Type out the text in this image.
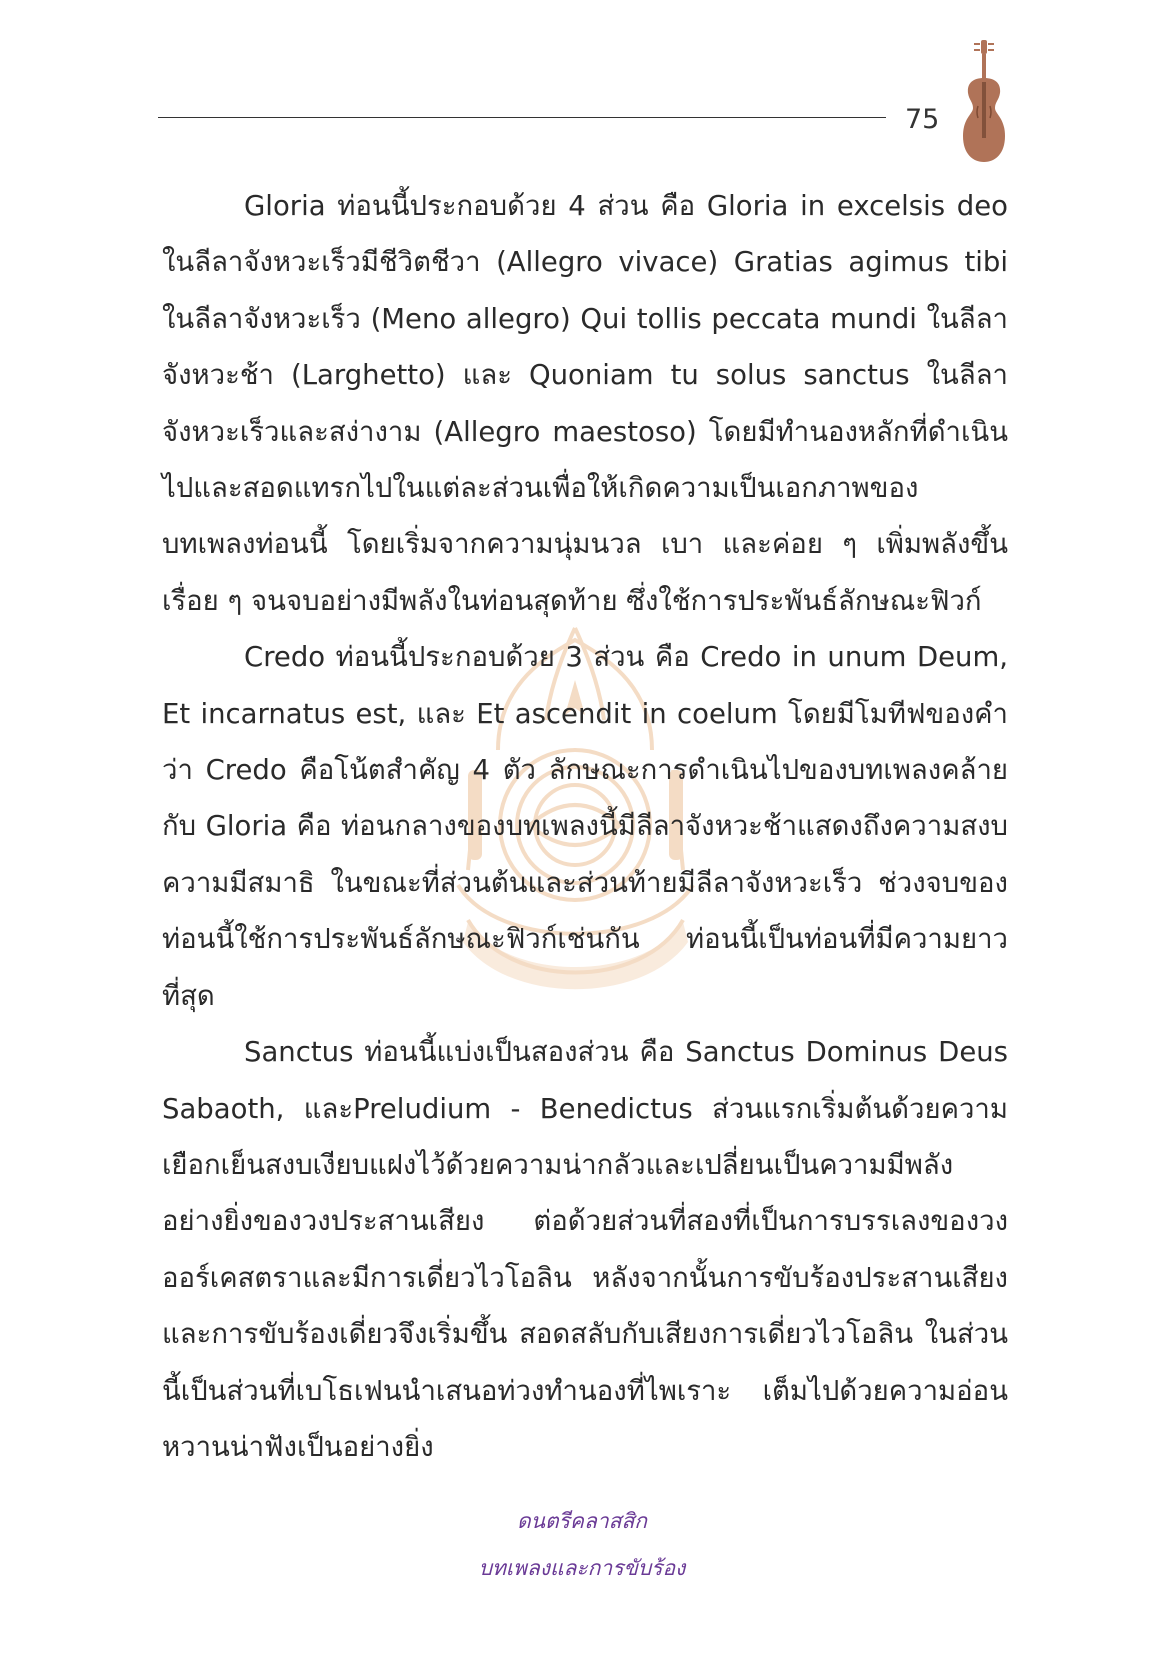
75

Gloria ท่อนนี้ประกอบด้วย 4 ส่วน คือ Gloria in excelsis deo ในลีลาจังหวะเร็วมีชีวิตชีวา (Allegro vivace) Gratias agimus tibi ในลีลาจังหวะเร็ว (Meno allegro) Qui tollis peccata mundi ในลีลาจังหวะช้า (Larghetto) และ Quoniam tu solus sanctus ในลีลาจังหวะเร็วและสง่างาม (Allegro maestoso) โดยมีทำนองหลักที่ดำเนินไปและสอดแทรกไปในแต่ละส่วนเพื่อให้เกิดความเป็นเอกภาพของบทเพลงท่อนนี้ โดยเริ่มจากความนุ่มนวล เบา และค่อย ๆ เพิ่มพลังขึ้นเรื่อย ๆ จนจบอย่างมีพลังในท่อนสุดท้าย ซึ่งใช้การประพันธ์ลักษณะฟิวก์

Credo ท่อนนี้ประกอบด้วย 3 ส่วน คือ Credo in unum Deum, Et incarnatus est, และ Et ascendit in coelum โดยมีโมทีฟของคำว่า Credo คือโน้ตสำคัญ 4 ตัว ลักษณะการดำเนินไปของบทเพลงคล้ายกับ Gloria คือ ท่อนกลางของบทเพลงนี้มีลีลาจังหวะช้าแสดงถึงความสงบ ความมีสมาธิ ในขณะที่ส่วนต้นและส่วนท้ายมีลีลาจังหวะเร็ว ช่วงจบของท่อนนี้ใช้การประพันธ์ลักษณะฟิวก์เช่นกัน ท่อนนี้เป็นท่อนที่มีความยาวที่สุด

Sanctus ท่อนนี้แบ่งเป็นสองส่วน คือ Sanctus Dominus Deus Sabaoth, และPreludium - Benedictus ส่วนแรกเริ่มต้นด้วยความเยือกเย็นสงบเงียบแฝงไว้ด้วยความน่ากลัวและเปลี่ยนเป็นความมีพลังอย่างยิ่งของวงประสานเสียง ต่อด้วยส่วนที่สองที่เป็นการบรรเลงของวงออร์เคสตราและมีการเดี่ยวไวโอลิน หลังจากนั้นการขับร้องประสานเสียงและการขับร้องเดี่ยวจึงเริ่มขึ้น สอดสลับกับเสียงการเดี่ยวไวโอลิน ในส่วนนี้เป็นส่วนที่เบโธเฟนนำเสนอท่วงทำนองที่ไพเราะ เต็มไปด้วยความอ่อนหวานน่าฟังเป็นอย่างยิ่ง

ดนตรีคลาสสิก
บทเพลงและการขับร้อง
